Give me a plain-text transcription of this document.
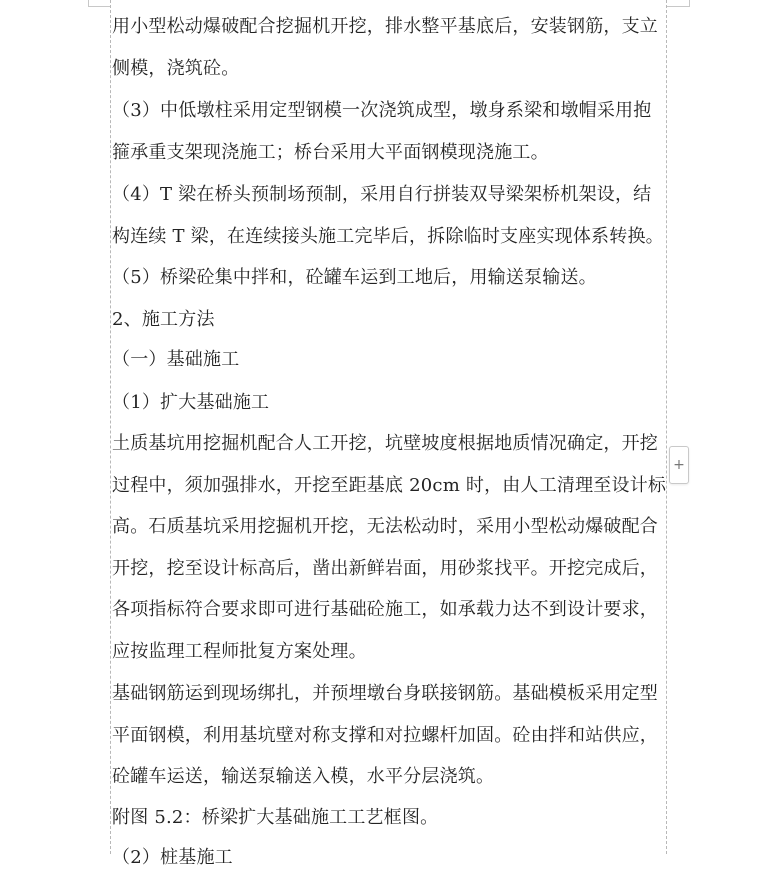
用小型松动爆破配合挖掘机开挖，排水整平基底后，安装钢筋，支立
侧模，浇筑砼。
（3）中低墩柱采用定型钢模一次浇筑成型，墩身系梁和墩帽采用抱
箍承重支架现浇施工；桥台采用大平面钢模现浇施工。
（4）T 梁在桥头预制场预制，采用自行拼装双导梁架桥机架设，结
构连续 T 梁，在连续接头施工完毕后，拆除临时支座实现体系转换。
（5）桥梁砼集中拌和，砼罐车运到工地后，用输送泵输送。
2、施工方法
（一）基础施工
（1）扩大基础施工
土质基坑用挖掘机配合人工开挖，坑壁坡度根据地质情况确定，开挖
过程中，须加强排水，开挖至距基底 20cm 时，由人工清理至设计标
高。石质基坑采用挖掘机开挖，无法松动时，采用小型松动爆破配合
开挖，挖至设计标高后，凿出新鲜岩面，用砂浆找平。开挖完成后，
各项指标符合要求即可进行基础砼施工，如承载力达不到设计要求，
应按监理工程师批复方案处理。
基础钢筋运到现场绑扎，并预埋墩台身联接钢筋。基础模板采用定型
平面钢模，利用基坑壁对称支撑和对拉螺杆加固。砼由拌和站供应，
砼罐车运送，输送泵输送入模，水平分层浇筑。
附图 5.2：桥梁扩大基础施工工艺框图。
（2）桩基施工
+
